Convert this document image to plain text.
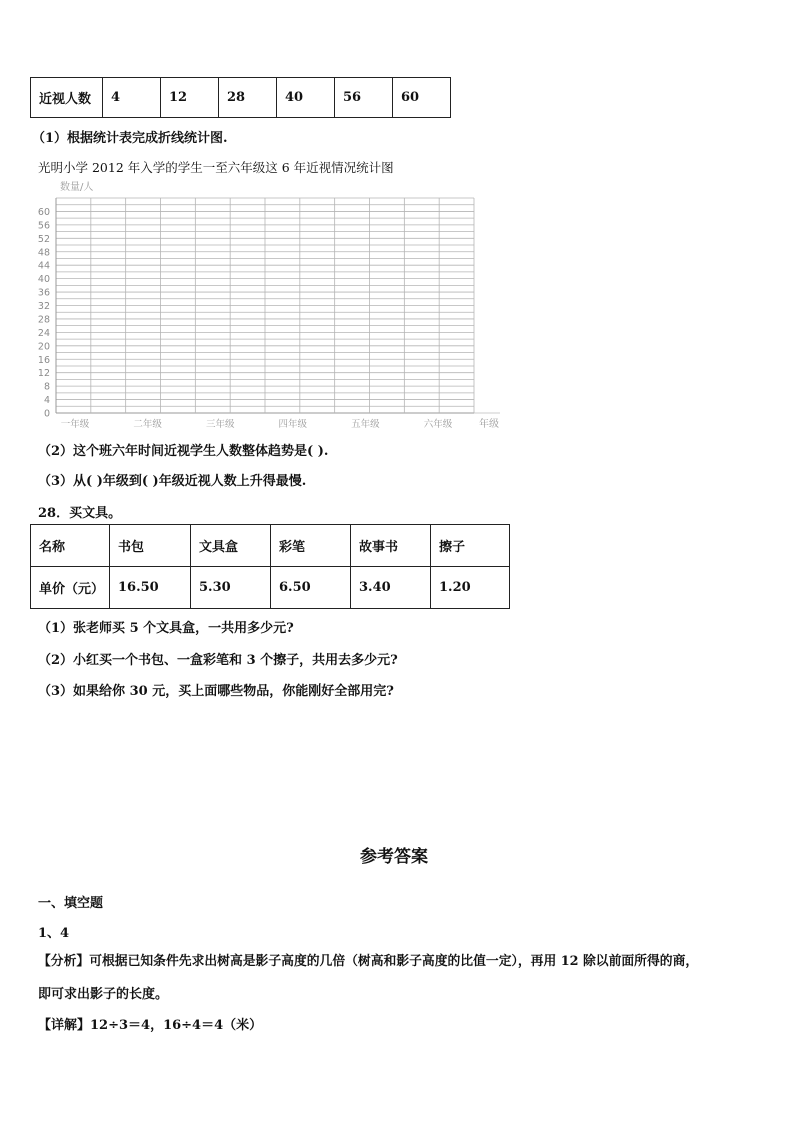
近视人数	4	12	28	40	56	60
（1）根据统计表完成折线统计图.
光明小学 2012 年入学的学生一至六年级这 6 年近视情况统计图
0
4
8
12
16
20
24
28
32
36
40
44
48
52
56
60
一年级	二年级	三年级	四年级	五年级	六年级
数量/人
年级
（2）这个班六年时间近视学生人数整体趋势是( ).
（3）从( )年级到( )年级近视人数上升得最慢.
28．买文具。
名称	书包	文具盒	彩笔	故事书	擦子
单价（元）	16.50	5.30	6.50	3.40	1.20
（1）张老师买 5 个文具盒，一共用多少元?
（2）小红买一个书包、一盒彩笔和 3 个擦子，共用去多少元?
（3）如果给你 30 元，买上面哪些物品，你能刚好全部用完?
参考答案
一、填空题
1、4
【分析】可根据已知条件先求出树高是影子高度的几倍（树高和影子高度的比值一定），再用 12 除以前面所得的商，
即可求出影子的长度。
【详解】12÷3＝4，16÷4＝4（米）
